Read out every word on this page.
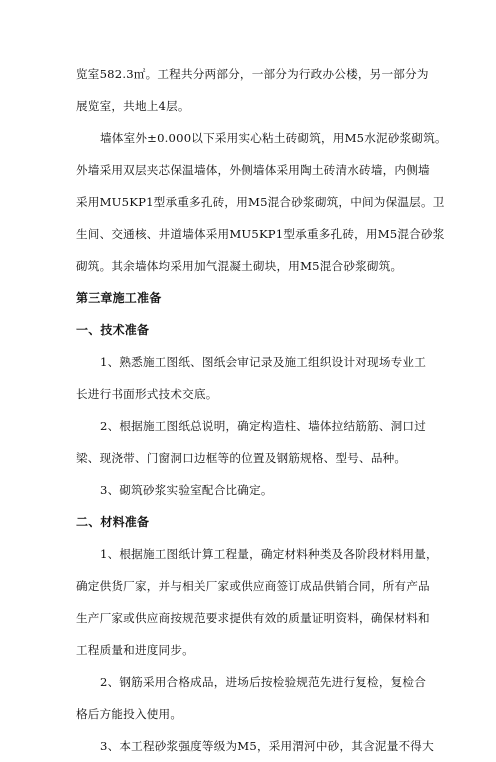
览室582.3㎡。工程共分两部分，一部分为行政办公楼，另一部分为
展览室，共地上4层。
墙体室外±0.000以下采用实心粘土砖砌筑，用M5水泥砂浆砌筑。
外墙采用双层夹芯保温墙体，外侧墙体采用陶土砖清水砖墙，内侧墙
采用MU5KP1型承重多孔砖，用M5混合砂浆砌筑，中间为保温层。卫
生间、交通核、井道墙体采用MU5KP1型承重多孔砖，用M5混合砂浆
砌筑。其余墙体均采用加气混凝土砌块，用M5混合砂浆砌筑。
第三章施工准备
一、技术准备
1、熟悉施工图纸、图纸会审记录及施工组织设计对现场专业工
长进行书面形式技术交底。
2、根据施工图纸总说明，确定构造柱、墙体拉结筋筋、洞口过
梁、现浇带、门窗洞口边框等的位置及钢筋规格、型号、品种。
3、砌筑砂浆实验室配合比确定。
二、材料准备
1、根据施工图纸计算工程量，确定材料种类及各阶段材料用量，
确定供货厂家，并与相关厂家或供应商签订成品供销合同，所有产品
生产厂家或供应商按规范要求提供有效的质量证明资料，确保材料和
工程质量和进度同步。
2、钢筋采用合格成品，进场后按检验规范先进行复检，复检合
格后方能投入使用。
3、本工程砂浆强度等级为M5，采用渭河中砂，其含泥量不得大
